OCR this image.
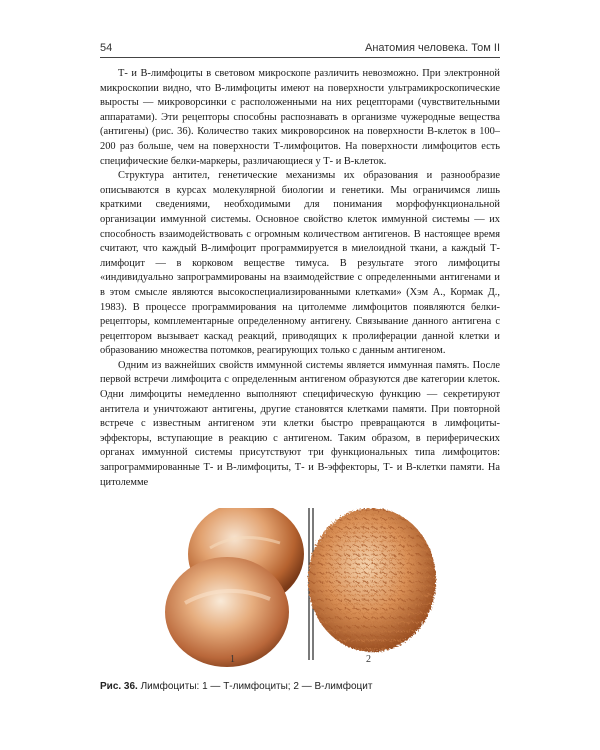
54	Анатомия человека. Том II

Т- и В-лимфоциты в световом микроскопе различить невозможно. При электронной микроскопии видно, что В-лимфоциты имеют на поверхности ультрамикроскопические выросты — микроворсинки с расположенными на них рецепторами (чувствительными аппаратами). Эти рецепторы способны распознавать в организме чужеродные вещества (антигены) (рис. 36). Количество таких микроворсинок на поверхности В-клеток в 100–200 раз больше, чем на поверхности Т-лимфоцитов. На поверхности лимфоцитов есть специфические белки-маркеры, различающиеся у Т- и В-клеток.

Структура антител, генетические механизмы их образования и разнообразие описываются в курсах молекулярной биологии и генетики. Мы ограничимся лишь краткими сведениями, необходимыми для понимания морфофункциональной организации иммунной системы. Основное свойство клеток иммунной системы — их способность взаимодействовать с огромным количеством антигенов. В настоящее время считают, что каждый В-лимфоцит программируется в миелоидной ткани, а каждый Т-лимфоцит — в корковом веществе тимуса. В результате этого лимфоциты «индивидуально запрограммированы на взаимодействие с определенными антигенами и в этом смысле являются высокоспециализированными клетками» (Хэм А., Кормак Д., 1983). В процессе программирования на цитолемме лимфоцитов появляются белки-рецепторы, комплементарные определенному антигену. Связывание данного антигена с рецептором вызывает каскад реакций, приводящих к пролиферации данной клетки и образованию множества потомков, реагирующих только с данным антигеном.

Одним из важнейших свойств иммунной системы является иммунная память. После первой встречи лимфоцита с определенным антигеном образуются две категории клеток. Одни лимфоциты немедленно выполняют специфическую функцию — секретируют антитела и уничтожают антигены, другие становятся клетками памяти. При повторной встрече с известным антигеном эти клетки быстро превращаются в лимфоциты-эффекторы, вступающие в реакцию с антигеном. Таким образом, в периферических органах иммунной системы присутствуют три функциональных типа лимфоцитов: запрограммированные Т- и В-лимфоциты, Т- и В-эффекторы, Т- и В-клетки памяти. На цитолемме

1	2
Рис. 36. Лимфоциты: 1 — Т-лимфоциты; 2 — В-лимфоцит
